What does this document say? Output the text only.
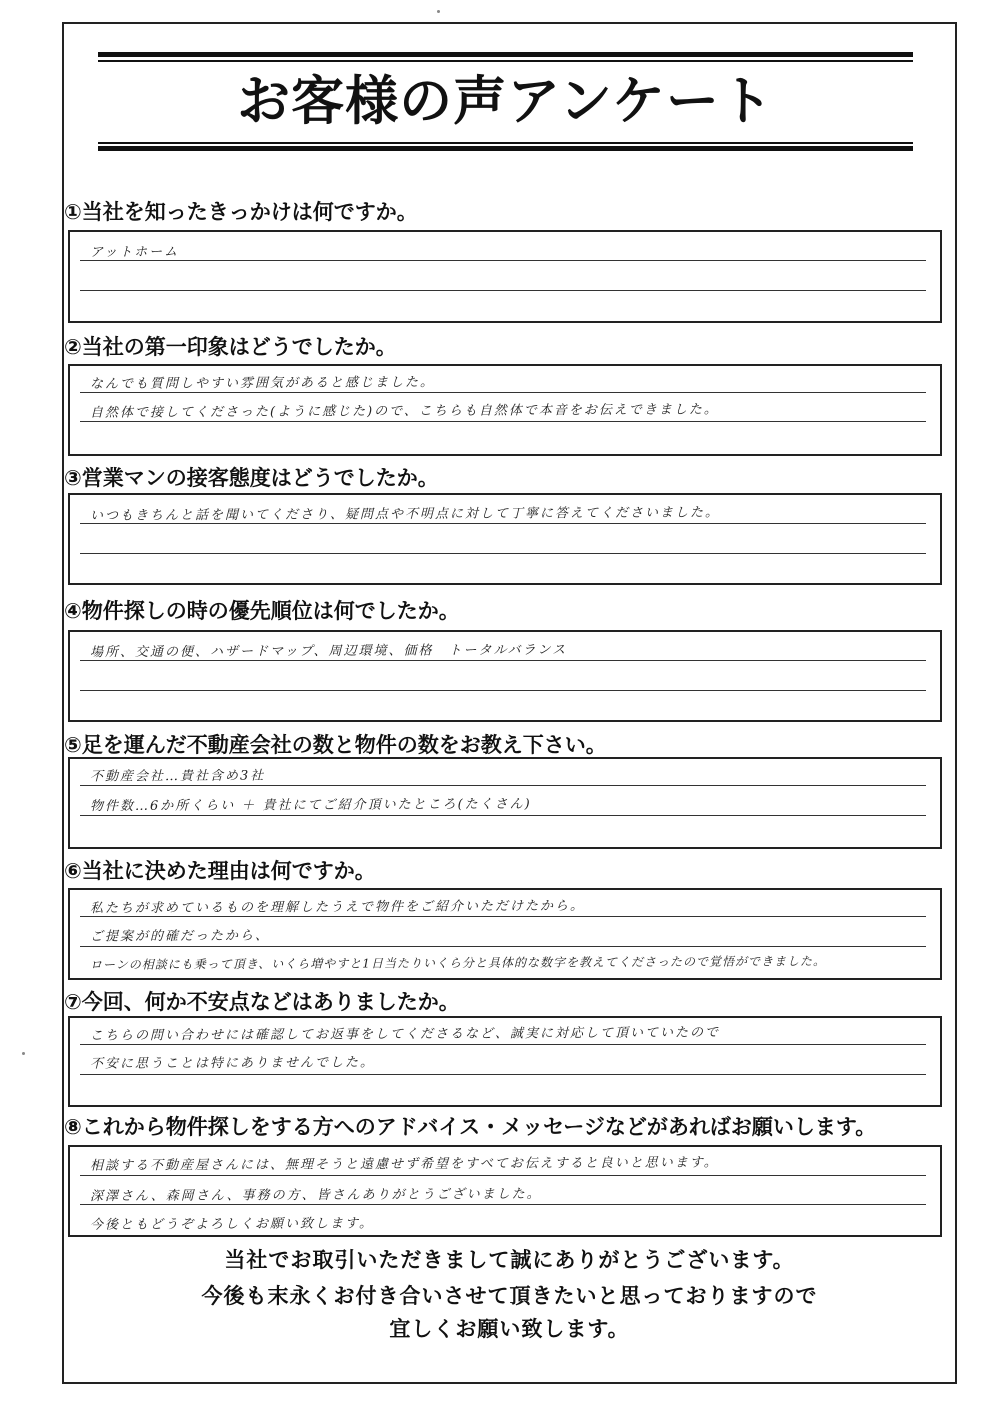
お客様の声アンケート
①当社を知ったきっかけは何ですか。
アットホーム
②当社の第一印象はどうでしたか。
なんでも質問しやすい雰囲気があると感じました。
自然体で接してくださった(ように感じた)ので、こちらも自然体で本音をお伝えできました。
③営業マンの接客態度はどうでしたか。
いつもきちんと話を聞いてくださり、疑問点や不明点に対して丁寧に答えてくださいました。
④物件探しの時の優先順位は何でしたか。
場所、交通の便、ハザードマップ、周辺環境、価格　トータルバランス
⑤足を運んだ不動産会社の数と物件の数をお教え下さい。
不動産会社…貴社含め3社
物件数…6か所くらい ＋ 貴社にてご紹介頂いたところ(たくさん)
⑥当社に決めた理由は何ですか。
私たちが求めているものを理解したうえで物件をご紹介いただけたから。
ご提案が的確だったから、
ローンの相談にも乗って頂き、いくら増やすと1日当たりいくら分と具体的な数字を教えてくださったので覚悟ができました。
⑦今回、何か不安点などはありましたか。
こちらの問い合わせには確認してお返事をしてくださるなど、誠実に対応して頂いていたので
不安に思うことは特にありませんでした。
⑧これから物件探しをする方へのアドバイス・メッセージなどがあればお願いします。
相談する不動産屋さんには、無理そうと遠慮せず希望をすべてお伝えすると良いと思います。
深澤さん、森岡さん、事務の方、皆さんありがとうございました。
今後ともどうぞよろしくお願い致します。
当社でお取引いただきまして誠にありがとうございます。
今後も末永くお付き合いさせて頂きたいと思っておりますので
宜しくお願い致します。
